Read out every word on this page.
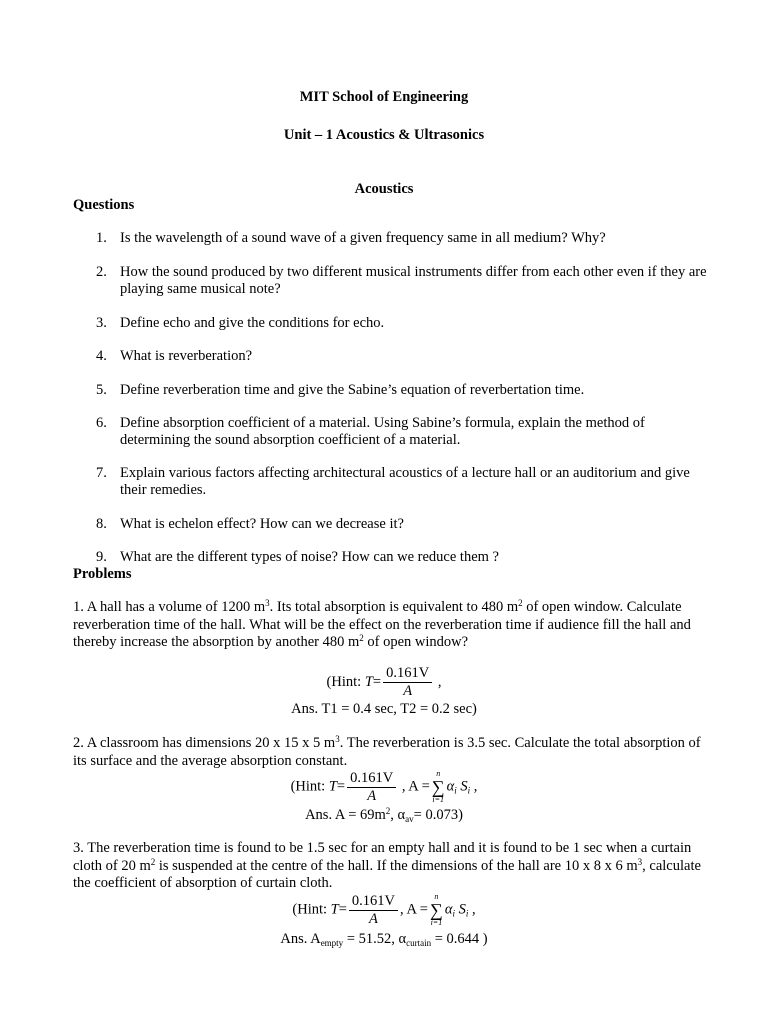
MIT School of Engineering
Unit – 1 Acoustics & Ultrasonics
Acoustics
Questions
1. Is the wavelength of a sound wave of a given frequency same in all medium? Why?
2. How the sound produced by two different musical instruments differ from each other even if they are playing same musical note?
3. Define echo and give the conditions for echo.
4. What is reverberation?
5. Define reverberation time and give the Sabine’s equation of reverbertation time.
6. Define absorption coefficient of a material. Using Sabine’s formula, explain the method of determining the sound absorption coefficient of a material.
7. Explain various factors affecting architectural acoustics of a lecture hall or an auditorium and give their remedies.
8. What is echelon effect? How can we decrease it?
9. What are the different types of noise? How can we reduce them ?
Problems
1. A hall has a volume of 1200 $m^3$. Its total absorption is equivalent to 480 $m^2$ of open window. Calculate reverberation time of the hall. What will be the effect on the reverberation time if audience fill the hall and thereby increase the absorption by another 480 $m^2$ of open window?
(Hint: $T= \frac{0.161V}{A}$ ,
Ans. T1 = 0.4 sec, T2 = 0.2 sec)
2. A classroom has dimensions 20 x 15 x 5 $m^3$. The reverberation is 3.5 sec. Calculate the total absorption of its surface and the average absorption constant.
(Hint: $T= \frac{0.161V}{A}$ , A =
n
∑
i=1
$\alpha_i$ $S_i$ ,
Ans. $A = 69m^2$, $\alpha_{av}= 0.073$)
3. The reverberation time is found to be 1.5 sec for an empty hall and it is found to be 1 sec when a curtain cloth of 20 $m^2$ is suspended at the centre of the hall. If the dimensions of the hall are 10 x 8 x 6 $m^3$, calculate the coefficient of absorption of curtain cloth.
(Hint: $T= \frac{0.161V}{A}$ , A =
n
∑
i=1
$\alpha_i$ $S_i$ ,
Ans. $A_{empty} = 51.52$, $\alpha_{curtain} = 0.644$ )
